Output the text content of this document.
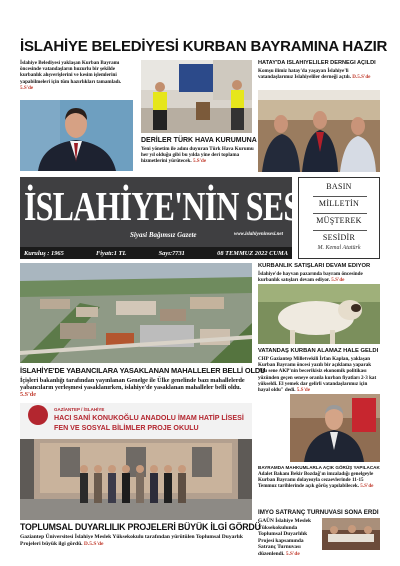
İSLAHİYE BELEDİYESİ KURBAN BAYRAMINA HAZIR
İslahiye Belediyesi yaklaşan Kurban Bayramı öncesinde vatandaşların huzurlu bir şekilde kurbanlık alışverişlerini ve kesim işlemlerini yapabilmeleri için tüm hazırlıkları tamamladı. 5.S'de
DERİLER TÜRK HAVA KURUMUNA
Yeni yönetim ile adını duyuran Türk Hava Kurumu her yıl olduğu gibi bu yılda yine deri toplama hizmetlerini yürütecek. 5.S'de
HATAY'DA İSLAHİYELİLER DERNEĞİ AÇILDI
Komşu ilimiz hatay'da yaşayan İslahiye'li vatandaşlarımız Islahiyeliler derneği açtılı. D.5.S'de
İSLAHİYE'NİN SESİ
Siyasi Bağımsız Gazete	www.islahiyeninsesi.net
Kuruluş : 1965	Fiyatı:1 TL	Sayı:7731	08 TEMMUZ 2022 CUMA
BASIN
MİLLETİN
MÜŞTEREK
SESİDİR
M. Kemal Atatürk
KURBANLIK SATIŞLARI DEVAM EDİYOR
İslahiye'de hayvan pazarında bayram öncesinde kurbanlık satışları devam ediyor. 5.S'de
VATANDAŞ KURBAN ALAMAZ HALE GELDİ
CHP Gaziantep Milletvekili İrfan Kaplan, yaklaşan Kurban Bayramı öncesi yazılı bir açıklama yaparak "Bu sene AKP'nin becerikisiz ekonomik politikası yüzünden geçen seneye oranla kurban fiyatları 2-3 kat yükseldi. El yemek dar gelirli vatandaşlarımız için hayal oldu" dedi. 5.S'de
İSLAHİYE'DE YABANCILARA YASAKLANAN MAHALLELER BELLİ OLDU
İçişleri bakanlığı tarafından yayınlanan Genelge ile Ülke genelinde bazı mahallelerde yabancıların yerleşmesi yasaklanırken, islahiye'de yasaklanan mahalleler belli oldu. 5.S'de
GAZİANTEP / İSLAHİYE
HACI SANİ KONUKOĞLU ANADOLU İMAM HATİP LİSESİ
FEN VE SOSYAL BİLİMLER PROJE OKULU
BAYRAMDA MAHKUMLARLA AÇIK GÖRÜŞ YAPILACAK
Adalet Bakanı Bekir Bozdağ'ın imzaladığı genelgeyle Kurban Bayramı dolayısıyla cezaevlerinde 11-15 Temmuz tarihlerinde açık görüş yapılabilecek. 5.S'de
İMYO SATRANÇ TURNUVASI SONA ERDİ
GAÜN İslahiye Meslek Yüksekokulunda Toplumsal Duyarlılık Projesi kapsamında Satranç Turnuvası düzenlendi. 5.S'de
TOPLUMSAL DUYARLILIK PROJELERİ BÜYÜK İLGİ GÖRDÜ
Gaziantep Üniversitesi İslahiye Meslek Yüksekokulu tarafından yürütülen Toplumsal Duyarlık Projeleri büyük ilgi gördü. D.5.S'de
